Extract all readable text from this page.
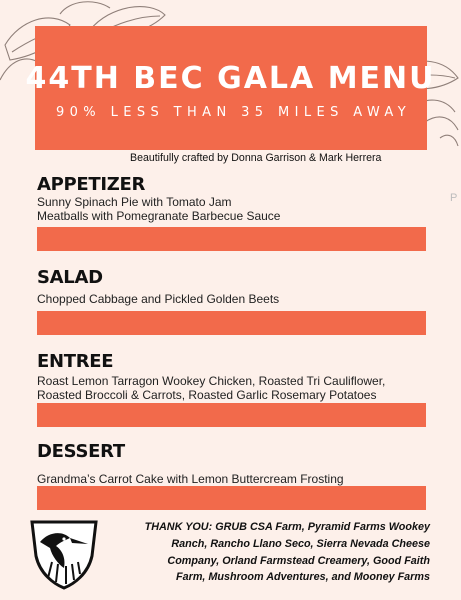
44TH BEC GALA MENU
90% LESS THAN 35 MILES AWAY
Beautifully crafted by Donna Garrison & Mark Herrera
P
APPETIZER
Sunny Spinach Pie with Tomato Jam
Meatballs with Pomegranate Barbecue Sauce
SALAD
Chopped Cabbage and Pickled Golden Beets
ENTREE
Roast Lemon Tarragon Wookey Chicken, Roasted Tri Cauliflower,
Roasted Broccoli & Carrots, Roasted Garlic Rosemary Potatoes
DESSERT
Grandma’s Carrot Cake with Lemon Buttercream Frosting
THANK YOU: GRUB CSA Farm, Pyramid Farms Wookey
Ranch, Rancho Llano Seco, Sierra Nevada Cheese
Company, Orland Farmstead Creamery, Good Faith
Farm, Mushroom Adventures, and Mooney Farms
